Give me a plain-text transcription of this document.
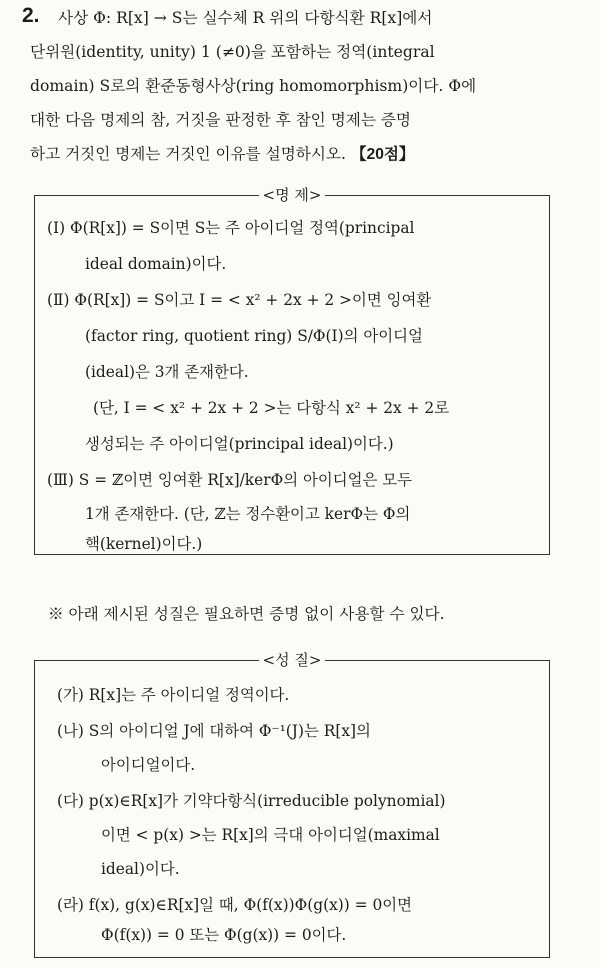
2. 사상 Φ: R[x] → S는 실수체 R 위의 다항식환 R[x]에서
단위원(identity, unity) 1 (≠0)을 포함하는 정역(integral
domain) S로의 환준동형사상(ring homomorphism)이다. Φ에
대한 다음 명제의 참, 거짓을 판정한 후 참인 명제는 증명
하고 거짓인 명제는 거짓인 이유를 설명하시오. 【20점】
<명 제>
(Ⅰ) Φ(R[x]) = S이면 S는 주 아이디얼 정역(principal
ideal domain)이다.
(Ⅱ) Φ(R[x]) = S이고 I = < x² + 2x + 2 >이면 잉여환
(factor ring, quotient ring) S/Φ(I)의 아이디얼
(ideal)은 3개 존재한다.
(단, I = < x² + 2x + 2 >는 다항식 x² + 2x + 2로
생성되는 주 아이디얼(principal ideal)이다.)
(Ⅲ) S = ℤ이면 잉여환 R[x]/kerΦ의 아이디얼은 모두
1개 존재한다. (단, ℤ는 정수환이고 kerΦ는 Φ의
핵(kernel)이다.)
※ 아래 제시된 성질은 필요하면 증명 없이 사용할 수 있다.
<성 질>
(가) R[x]는 주 아이디얼 정역이다.
(나) S의 아이디얼 J에 대하여 Φ⁻¹(J)는 R[x]의
아이디얼이다.
(다) p(x)∈R[x]가 기약다항식(irreducible polynomial)
이면 < p(x) >는 R[x]의 극대 아이디얼(maximal
ideal)이다.
(라) f(x), g(x)∈R[x]일 때, Φ(f(x))Φ(g(x)) = 0이면
Φ(f(x)) = 0 또는 Φ(g(x)) = 0이다.
